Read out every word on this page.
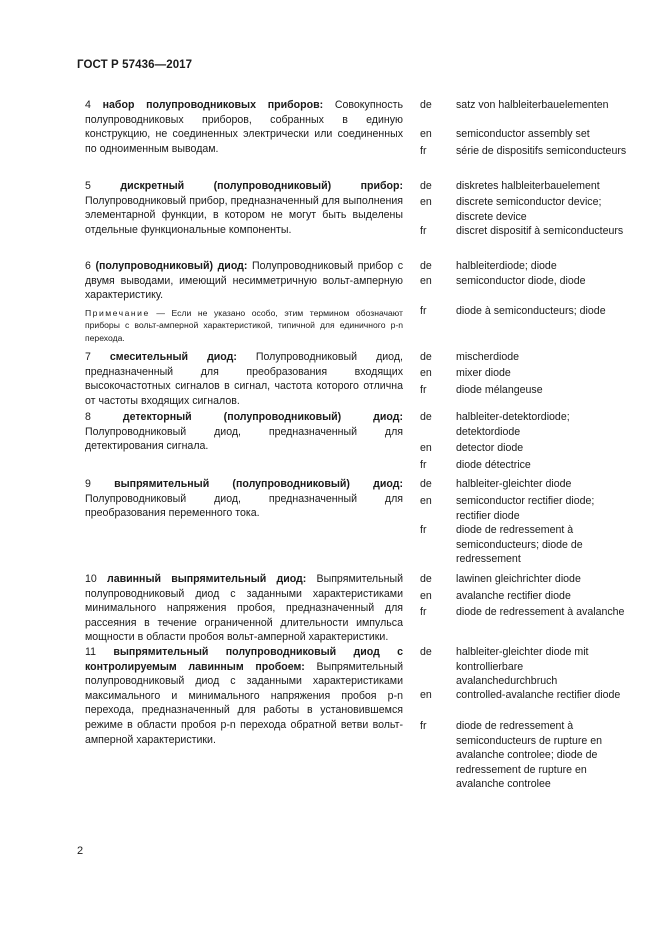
ГОСТ Р 57436—2017
4 набор полупроводниковых приборов: Совокупность полупроводниковых приборов, собранных в единую конструкцию, не соединенных электрически или соединенных по одноименным выводам.
de	satz von halbleiterbauelementen
en	semiconductor assembly set
fr	série de dispositifs semiconducteurs
5	дискретный (полупроводниковый) прибор: Полупроводниковый прибор, предназначенный для выполнения элементарной функции, в котором не могут быть выделены отдельные функциональные компоненты.
de	diskretes halbleiterbauelement
en	discrete semiconductor device; discrete device
fr	discret dispositif à semiconducteurs
6 (полупроводниковый) диод: Полупроводниковый прибор с двумя выводами, имеющий несимметричную вольт-амперную характеристику.
de	halbleiterdiode; diode
en	semiconductor diode, diode
fr	diode à semiconducteurs; diode
Примечание — Если не указано особо, этим термином обозначают приборы с вольт-амперной характеристикой, типичной для единичного p-n перехода.
7 смесительный диод: Полупроводниковый диод, предназначенный для преобразования входящих высокочастотных сигналов в сигнал, частота которого отлична от частоты входящих сигналов.
de	mischerdiode
en	mixer diode
fr	diode mélangeuse
8	детекторный (полупроводниковый) диод: Полупроводниковый диод, предназначенный для детектирования сигнала.
de	halbleiter-detektordiode; detektordiode
en	detector diode
fr	diode détectrice
9 выпрямительный (полупроводниковый) диод: Полупроводниковый диод, предназначенный для преобразования переменного тока.
de	halbleiter-gleichter diode
en	semiconductor rectifier diode; rectifier diode
fr	diode de redressement à semiconducteurs; diode de redressement
10 лавинный выпрямительный диод: Выпрямительный полупроводниковый диод с заданными характеристиками минимального напряжения пробоя, предназначенный для рассеяния в течение ограниченной длительности импульса мощности в области пробоя вольт-амперной характеристики.
de	lawinen gleichrichter diode
en	avalanche rectifier diode
fr	diode de redressement à avalanche
11 выпрямительный полупроводниковый диод с контролируемым лавинным пробоем: Выпрямительный полупроводниковый диод с заданными характеристиками максимального и минимального напряжения пробоя p-n перехода, предназначенный для работы в установившемся режиме в области пробоя p-n перехода обратной ветви вольт-амперной характеристики.
de	halbleiter-gleichter diode mit kontrollierbare avalanchedurchbruch
en	controlled-avalanche rectifier diode
fr	diode de redressement à semiconducteurs de rupture en avalanche controlee; diode de redressement de rupture en avalanche controlee
2
